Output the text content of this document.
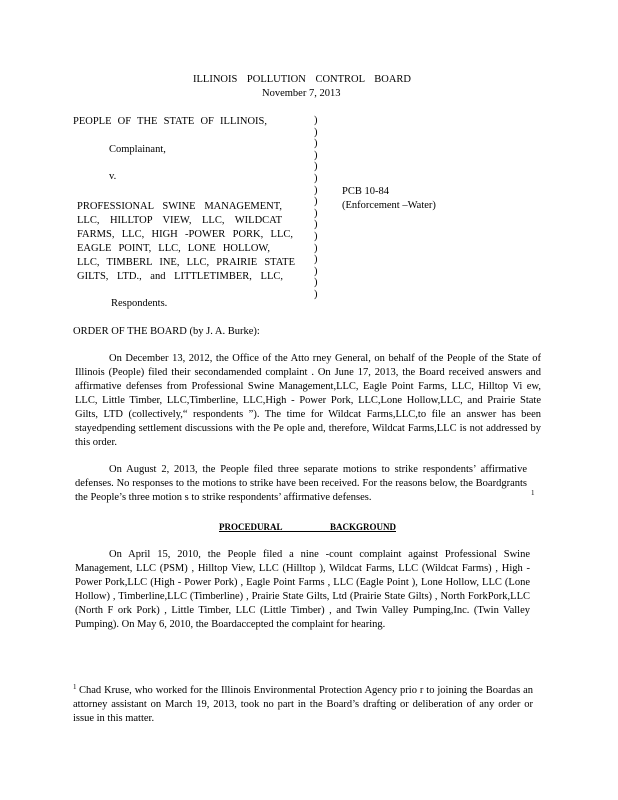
ILLINOIS POLLUTION CONTROL BOARD
November 7, 2013
PEOPLE OF THE STATE OF ILLINOIS,
Complainant,
v.
PROFESSIONAL SWINE MANAGEMENT,
LLC, HILLTOP VIEW, LLC, WILDCAT
FARMS, LLC, HIGH -POWER PORK, LLC,
EAGLE POINT, LLC, LONE HOLLOW,
LLC, TIMBERL INE, LLC, PRAIRIE STATE
GILTS, LTD., and LITTLETIMBER, LLC,
Respondents.
)
)
)
)
)
)
)
)
)
)
)
)
)
)
)
)
PCB 10-84
(Enforcement –Water)
ORDER OF THE BOARD (by J. A. Burke):

On December 13, 2012, the Office of the Atto rney General, on behalf of the People of the State of Illinois (People) filed their secondamended complaint . On June 17, 2013, the Board received answers and affirmative defenses from Professional Swine Management,LLC, Eagle Point Farms, LLC, Hilltop Vi ew, LLC, Little Timber, LLC,Timberline, LLC,High - Power Pork, LLC,Lone Hollow,LLC, and Prairie State Gilts, LTD (collectively,“ respondents ”). The time for Wildcat Farms,LLC,to file an answer has been stayedpending settlement discussions with the Pe ople and, therefore, Wildcat Farms,LLC is not addressed by this order.

On August 2, 2013, the People filed three separate motions to strike respondents’ affirmative defenses. No responses to the motions to strike have been received. For the reasons below, the Boardgrants the People’s three motion s to strike respondents’ affirmative defenses.	1
PROCEDURAL BACKGROUND

On April 15, 2010, the People filed a nine -count complaint against Professional Swine Management, LLC (PSM) , Hilltop View, LLC (Hilltop ), Wildcat Farms, LLC (Wildcat Farms) , High -Power Pork,LLC (High - Power Pork) , Eagle Point Farms , LLC (Eagle Point ), Lone Hollow, LLC (Lone Hollow) , Timberline,LLC (Timberline) , Prairie State Gilts, Ltd (Prairie State Gilts) , North ForkPork,LLC (North F ork Pork) , Little Timber, LLC (Little Timber) , and Twin Valley Pumping,Inc. (Twin Valley Pumping). On May 6, 2010, the Boardaccepted the complaint for hearing.

1 Chad Kruse, who worked for the Illinois Environmental Protection Agency prio r to joining the Boardas an attorney assistant on March 19, 2013, took no part in the Board’s drafting or deliberation of any order or issue in this matter.
